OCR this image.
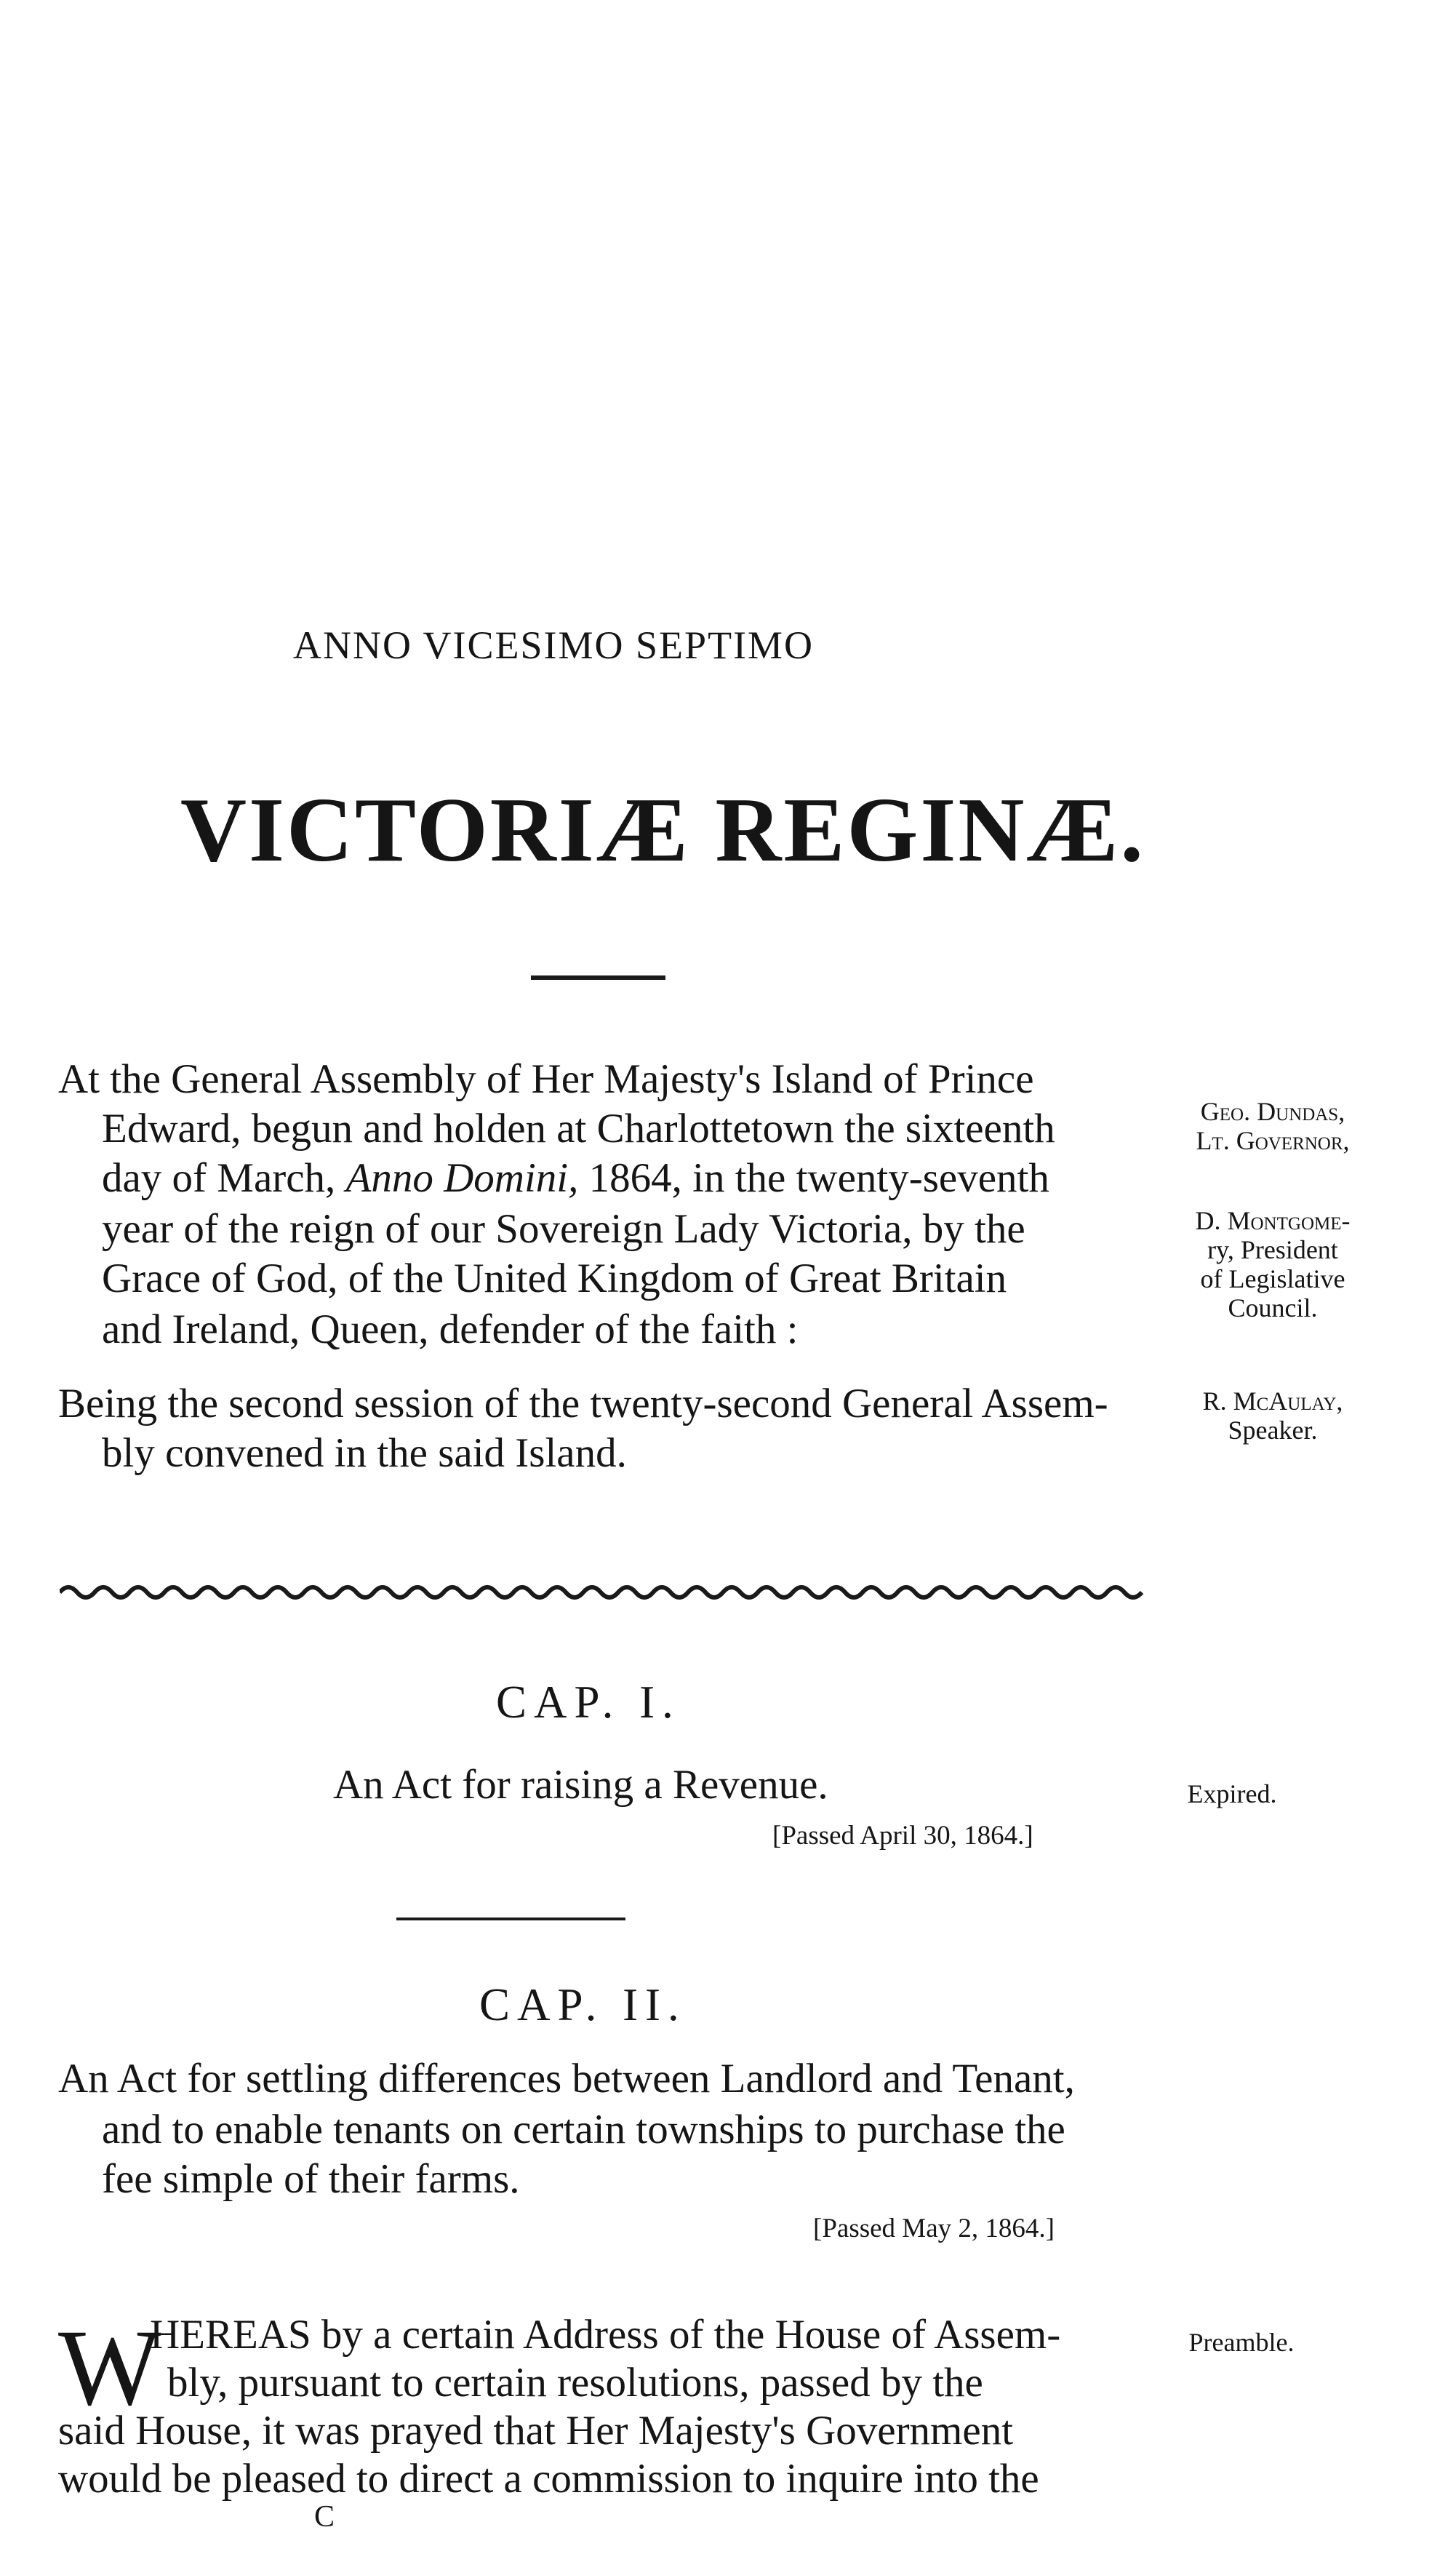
ANNO VICESIMO SEPTIMO
VICTORIÆ REGINÆ.
At the General Assembly of Her Majesty's Island of Prince
Edward, begun and holden at Charlottetown the sixteenth
day of March, Anno Domini, 1864, in the twenty-seventh
year of the reign of our Sovereign Lady Victoria, by the
Grace of God, of the United Kingdom of Great Britain
and Ireland, Queen, defender of the faith :
Being the second session of the twenty-second General Assem-
bly convened in the said Island.
Geo. Dundas,
Lt. Governor,
D. Montgome-
ry, President
of Legislative
Council.
R. McAulay,
Speaker.
CAP. I.
An Act for raising a Revenue.
[Passed April 30, 1864.]
Expired.
CAP. II.
An Act for settling differences between Landlord and Tenant,
and to enable tenants on certain townships to purchase the
fee simple of their farms.
[Passed May 2, 1864.]
W
HEREAS by a certain Address of the House of Assem-
bly, pursuant to certain resolutions, passed by the
said House, it was prayed that Her Majesty's Government
would be pleased to direct a commission to inquire into the
Preamble.
C
